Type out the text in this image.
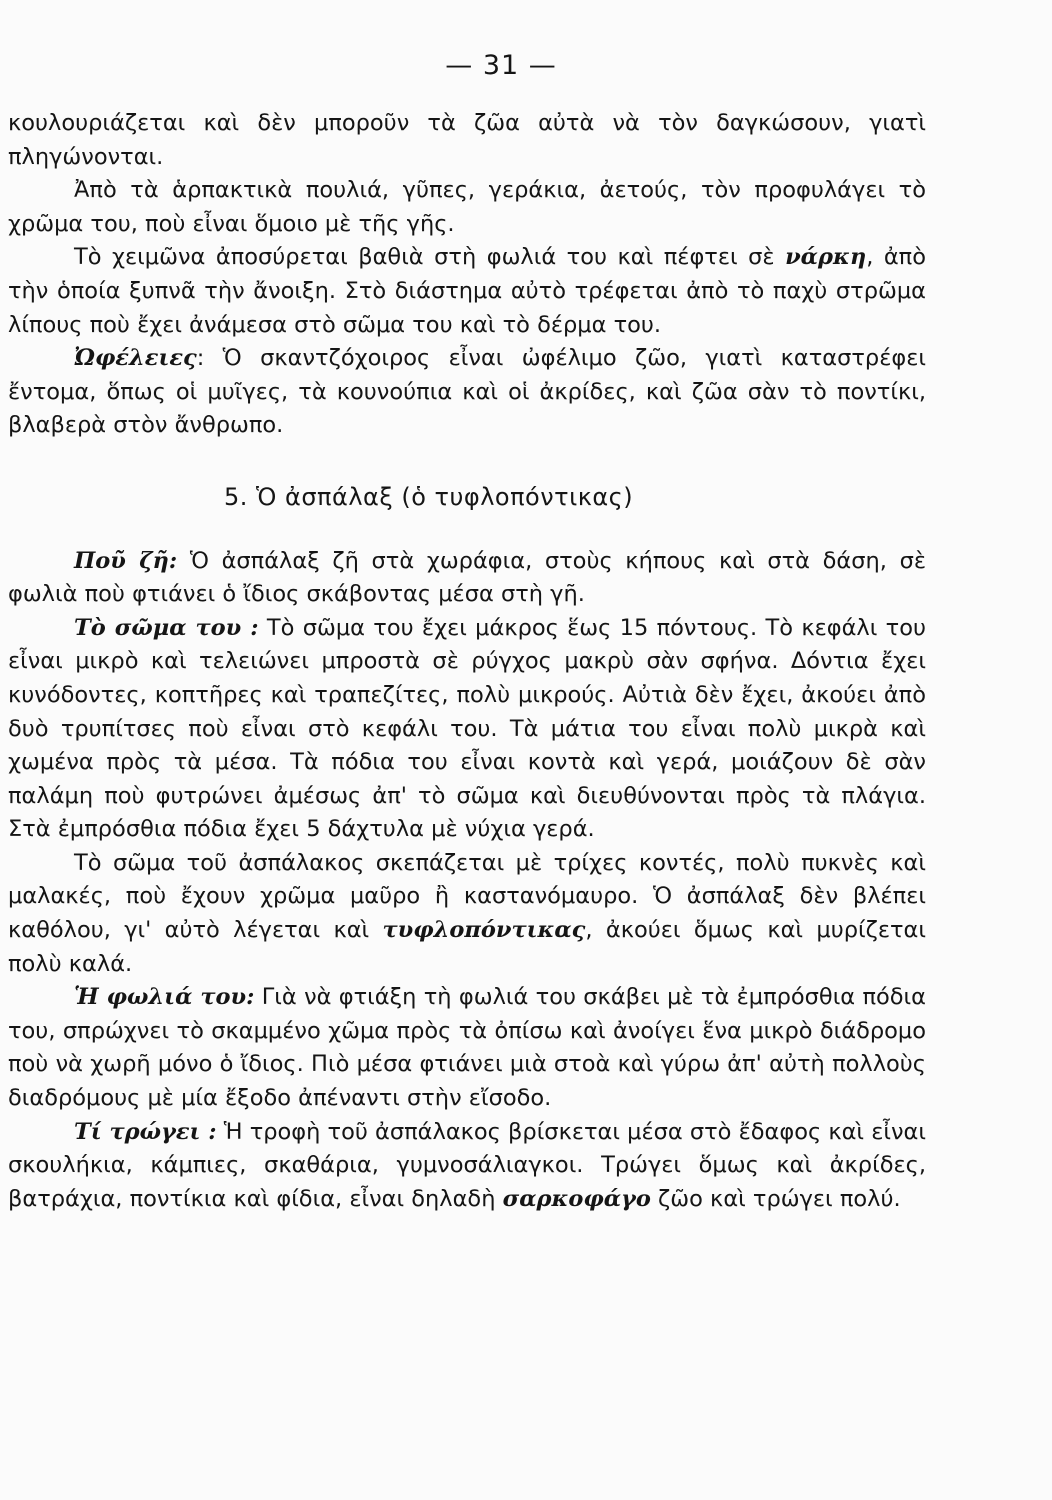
— 31 —

κουλουριάζεται καὶ δὲν μποροῦν τὰ ζῶα αὐτὰ νὰ τὸν δαγκώσουν, γιατὶ πληγώνονται.

Ἀπὸ τὰ ἁρπακτικὰ πουλιά, γῦπες, γεράκια, ἀετούς, τὸν προφυλάγει τὸ χρῶμα του, ποὺ εἶναι ὅμοιο μὲ τῆς γῆς.

Τὸ χειμῶνα ἀποσύρεται βαθιὰ στὴ φωλιά του καὶ πέφτει σὲ νάρκη, ἀπὸ τὴν ὁποία ξυπνᾶ τὴν ἄνοιξη. Στὸ διάστημα αὐτὸ τρέφεται ἀπὸ τὸ παχὺ στρῶμα λίπους ποὺ ἔχει ἀνάμεσα στὸ σῶμα του καὶ τὸ δέρμα του.

Ὠφέλειες: Ὁ σκαντζόχοιρος εἶναι ὠφέλιμο ζῶο, γιατὶ καταστρέφει ἔντομα, ὅπως οἱ μυῖγες, τὰ κουνούπια καὶ οἱ ἀκρίδες, καὶ ζῶα σὰν τὸ ποντίκι, βλαβερὰ στὸν ἄνθρωπο.

5. Ὁ ἀσπάλαξ (ὁ τυφλοπόντικας)

Ποῦ ζῆ: Ὁ ἀσπάλαξ ζῆ στὰ χωράφια, στοὺς κήπους καὶ στὰ δάση, σὲ φωλιὰ ποὺ φτιάνει ὁ ἴδιος σκάβοντας μέσα στὴ γῆ.

Τὸ σῶμα του : Τὸ σῶμα του ἔχει μάκρος ἕως 15 πόντους. Τὸ κεφάλι του εἶναι μικρὸ καὶ τελειώνει μπροστὰ σὲ ρύγχος μακρὺ σὰν σφήνα. Δόντια ἔχει κυνόδοντες, κοπτῆρες καὶ τραπεζίτες, πολὺ μικρούς. Αὐτιὰ δὲν ἔχει, ἀκούει ἀπὸ δυὸ τρυπίτσες ποὺ εἶναι στὸ κεφάλι του. Τὰ μάτια του εἶναι πολὺ μικρὰ καὶ χωμένα πρὸς τὰ μέσα. Τὰ πόδια του εἶναι κοντὰ καὶ γερά, μοιάζουν δὲ σὰν παλάμη ποὺ φυτρώνει ἀμέσως ἀπ' τὸ σῶμα καὶ διευθύνονται πρὸς τὰ πλάγια. Στὰ ἐμπρόσθια πόδια ἔχει 5 δάχτυλα μὲ νύχια γερά.

Τὸ σῶμα τοῦ ἀσπάλακος σκεπάζεται μὲ τρίχες κοντές, πολὺ πυκνὲς καὶ μαλακές, ποὺ ἔχουν χρῶμα μαῦρο ἢ καστανόμαυρο. Ὁ ἀσπάλαξ δὲν βλέπει καθόλου, γι' αὐτὸ λέγεται καὶ τυφλοπόντικας, ἀκούει ὅμως καὶ μυρίζεται πολὺ καλά.

Ἡ φωλιά του: Γιὰ νὰ φτιάξη τὴ φωλιά του σκάβει μὲ τὰ ἐμπρόσθια πόδια του, σπρώχνει τὸ σκαμμένο χῶμα πρὸς τὰ ὀπίσω καὶ ἀνοίγει ἕνα μικρὸ διάδρομο ποὺ νὰ χωρῆ μόνο ὁ ἴδιος. Πιὸ μέσα φτιάνει μιὰ στοὰ καὶ γύρω ἀπ' αὐτὴ πολλοὺς διαδρόμους μὲ μία ἔξοδο ἀπέναντι στὴν εἴσοδο.

Τί τρώγει : Ἡ τροφὴ τοῦ ἀσπάλακος βρίσκεται μέσα στὸ ἔδαφος καὶ εἶναι σκουλήκια, κάμπιες, σκαθάρια, γυμνοσάλιαγκοι. Τρώγει ὅμως καὶ ἀκρίδες, βατράχια, ποντίκια καὶ φίδια, εἶναι δηλαδὴ σαρκοφάγο ζῶο καὶ τρώγει πολύ.
